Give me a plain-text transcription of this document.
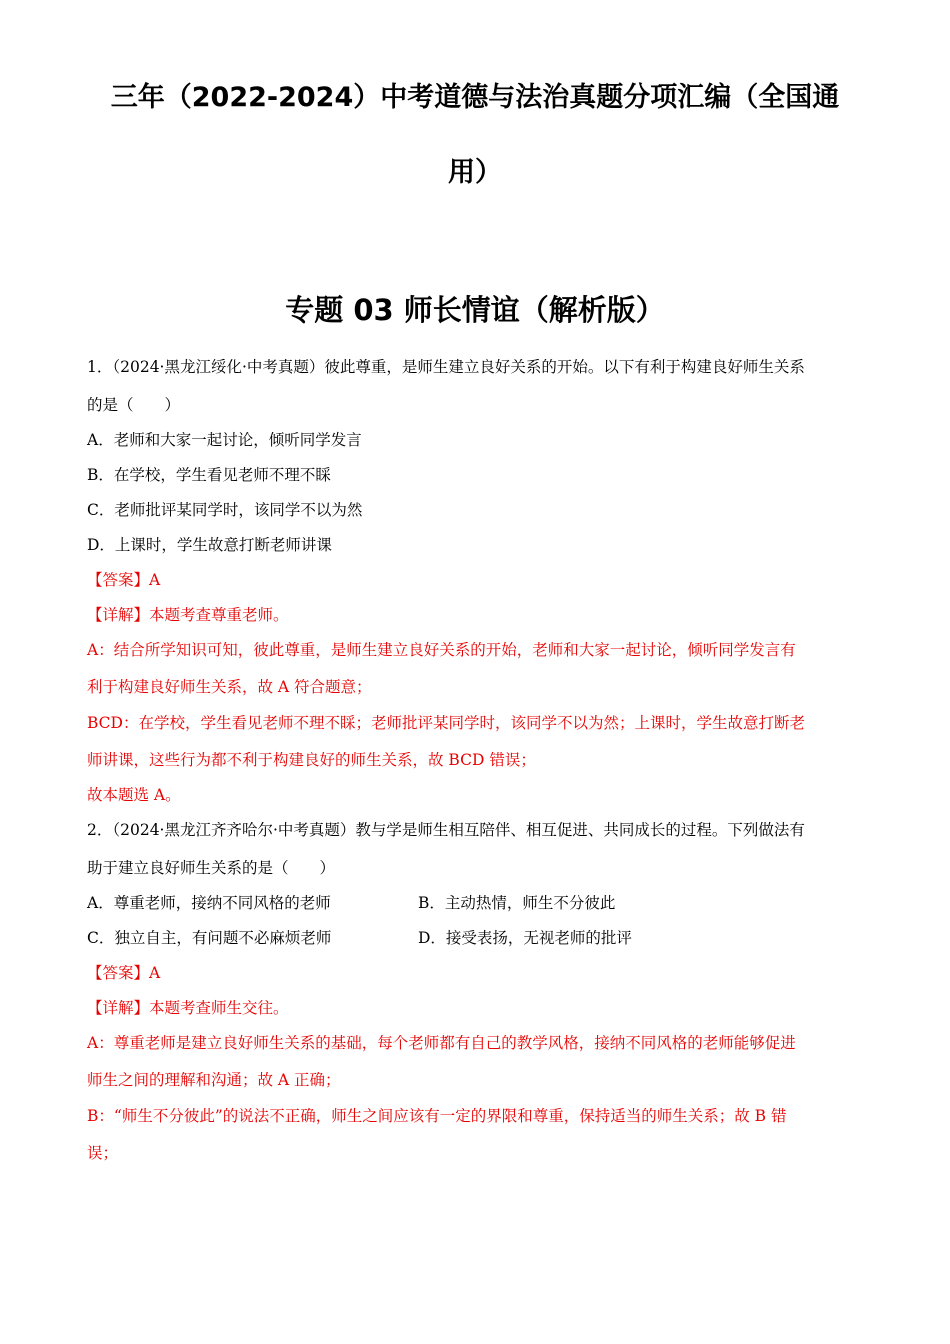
三年（2022-2024）中考道德与法治真题分项汇编（全国通
用）
专题 03 师长情谊（解析版）

1．（2024·黑龙江绥化·中考真题）彼此尊重，是师生建立良好关系的开始。以下有利于构建良好师生关系

的是（　　）

A．老师和大家一起讨论，倾听同学发言

B．在学校，学生看见老师不理不睬

C．老师批评某同学时，该同学不以为然

D．上课时，学生故意打断老师讲课

【答案】A

【详解】本题考查尊重老师。

A：结合所学知识可知，彼此尊重，是师生建立良好关系的开始，老师和大家一起讨论，倾听同学发言有

利于构建良好师生关系，故 A 符合题意；

BCD：在学校，学生看见老师不理不睬；老师批评某同学时，该同学不以为然；上课时，学生故意打断老

师讲课，这些行为都不利于构建良好的师生关系，故 BCD 错误；

故本题选 A。

2．（2024·黑龙江齐齐哈尔·中考真题）教与学是师生相互陪伴、相互促进、共同成长的过程。下列做法有

助于建立良好师生关系的是（　　）

A．尊重老师，接纳不同风格的老师	B．主动热情，师生不分彼此

C．独立自主，有问题不必麻烦老师	D．接受表扬，无视老师的批评

【答案】A

【详解】本题考查师生交往。

A：尊重老师是建立良好师生关系的基础，每个老师都有自己的教学风格，接纳不同风格的老师能够促进

师生之间的理解和沟通；故 A 正确；

B：“师生不分彼此”的说法不正确，师生之间应该有一定的界限和尊重，保持适当的师生关系；故 B 错

误；
